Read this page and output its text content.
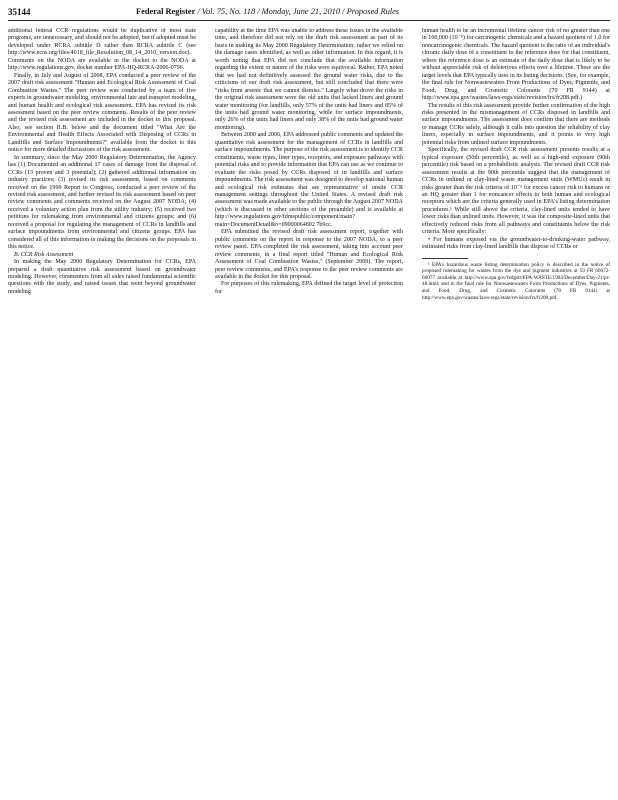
35144	Federal Register / Vol. 75, No. 118 / Monday, June 21, 2010 / Proposed Rules

additional federal CCR regulations would be duplicative of most state programs, are unnecessary, and should not be adopted, but if adopted must be developed under RCRA subtitle D rather than RCRA subtitle C (see http://www.ecos.org/files/4018_file_Resolution_08_14_2010_version.doc). Comments on the NODA are available in the docket to the NODA at http://www.regulations.gov, docket number EPA-HQ-RCRA-2006-0796.

Finally, in July and August of 2008, EPA conducted a peer review of the 2007 draft risk assessment "Human and Ecological Risk Assessment of Coal Combustion Wastes." The peer review was conducted by a team of five experts in groundwater modeling, environmental fate and transport modeling, and human health and ecological risk assessment. EPA has revised its risk assessment based on the peer review comments. Results of the peer review and the revised risk assessment are included in the docket to this proposal. Also, see section II.B. below and the document titled "What Are the Environmental and Health Effects Associated with Disposing of CCRs in Landfills and Surface Impoundments?" available from the docket to this notice for more detailed discussions of the risk assessment.

In summary, since the May 2000 Regulatory Determination, the Agency has (1) Documented an additional 17 cases of damage from the disposal of CCRs (13 proven and 3 potential); (2) gathered additional information on industry practices; (3) revised its risk assessment, based on comments received on the 1999 Report to Congress, conducted a peer review of the revised risk assessment, and further revised its risk assessment based on peer review comments and comments received on the August 2007 NODA; (4) received a voluntary action plan from the utility industry; (5) received two petitions for rulemaking from environmental and citizens groups; and (6) received a proposal for regulating the management of CCRs in landfills and surface impoundments from environmental and citizens groups. EPA has considered all of this information in making the decisions on the proposals in this notice.

B. CCR Risk Assessment

In making the May 2000 Regulatory Determination for CCRs, EPA prepared a draft quantitative risk assessment based on groundwater modeling. However, commenters from all sides raised fundamental scientific questions with the study, and raised issues that went beyond groundwater modeling

capability at the time EPA was unable to address these issues in the available time, and therefore did not rely on the draft risk assessment as part of its basis in making its May 2000 Regulatory Determination; rather we relied on the damage cases identified, as well as other information. In this regard, it is worth noting that EPA did not conclude that the available information regarding the extent or nature of the risks were equivocal. Rather, EPA noted that we had not definitively assessed the ground water risks, due to the criticisms of our draft risk assessment, but still concluded that there were "risks from arsenic that we cannot dismiss." Largely what drove the risks in the original risk assessment were the old units that lacked liners and ground water monitoring (for landfills, only 57% of the units had liners and 85% of the units had ground water monitoring, while for surface impoundments, only 26% of the units had liners and only 38% of the units had ground water monitoring).

Between 2000 and 2006, EPA addressed public comments and updated the quantitative risk assessment for the management of CCRs in landfills and surface impoundments. The purpose of the risk assessment is to identify CCR constituents, waste types, liner types, receptors, and exposure pathways with potential risks and to provide information that EPA can use as we continue to evaluate the risks posed by CCRs disposed of in landfills and surface impoundments. The risk assessment was designed to develop national human and ecological risk estimates that are representative of onsite CCR management settings throughout the United States. A revised draft risk assessment was made available to the public through the August 2007 NODA (which is discussed in other sections of the preamble) and is available at http://www.regulations.gov/fdmspublic/component/main?main=DocumentDetail&o=09000064802 7b9cc.

EPA submitted the revised draft risk assessment report, together with public comments on the report in response to the 2007 NODA, to a peer review panel. EPA completed the risk assessment, taking into account peer review comments, in a final report titled "Human and Ecological Risk Assessment of Coal Combustion Wastes," (September 2009). The report, peer review comments, and EPA's response to the peer review comments are available in the docket for this proposal.

For purposes of this rulemaking, EPA defined the target level of protection for

human health to be an incremental lifetime cancer risk of no greater than one in 100,000 (10⁻⁵) for carcinogenic chemicals and a hazard quotient of 1.0 for noncarcinogenic chemicals. The hazard quotient is the ratio of an individual's chronic daily dose of a constituent to the reference dose for that constituent, where the reference dose is an estimate of the daily dose that is likely to be without appreciable risk of deleterious effects over a lifetime. These are the target levels that EPA typically uses in its listing decisions. (See, for example, the final rule for Nonwastewaters From Productions of Dyes, Pigments, and Food, Drug, and Cosmetic Colorants (70 FR 9144) at http://www.epa.gov/wastes/laws-regs/state/revision/frs/fr208.pdf.)

The results of this risk assessment provide further confirmation of the high risks presented in the mismanagement of CCRs disposed in landfills and surface impoundments. The assessment does confirm that there are methods to manage CCRs safely, although it calls into question the reliability of clay liners, especially in surface impoundments, and it points to very high potential risks from unlined surface impoundments.

Specifically, the revised draft CCR risk assessment presents results at a typical exposure (50th percentile), as well as a high-end exposure (90th percentile) risk based on a probabilistic analysis. The revised draft CCR risk assessment results at the 90th percentile suggest that the management of CCRs in unlined or clay-lined waste management units (WMUs) result in risks greater than the risk criteria of 10⁻⁵ for excess cancer risk to humans or an HQ greater than 1 for noncancer effects to both human and ecological receptors which are the criteria generally used in EPA's listing determination procedures.¹ While still above the criteria, clay-lined units tended to have lower risks than unlined units. However, it was the composite-lined units that effectively reduced risks from all pathways and constituents below the risk criteria. More specifically:

• For humans exposed via the groundwater-to-drinking-water pathway, estimated risks from clay-lined landfills that dispose of CCRs or

¹ EPA's hazardous waste listing determination policy is described in the notice of proposed rulemaking for wastes from the dye and pigment industries at 59 FR 66072-66077 available at http://www.epa.gov/fedgstr/EPA-WASTE/1994/December/Day-21/pr-48.html; and in the final rule for Nonwastewaters From Productions of Dyes, Pigments, and Food, Drug, and Cosmetic Colorants (70 FR 9144) at http://www.epa.gov/wastes/laws-regs/state/revision/frs/fr208.pdf.
